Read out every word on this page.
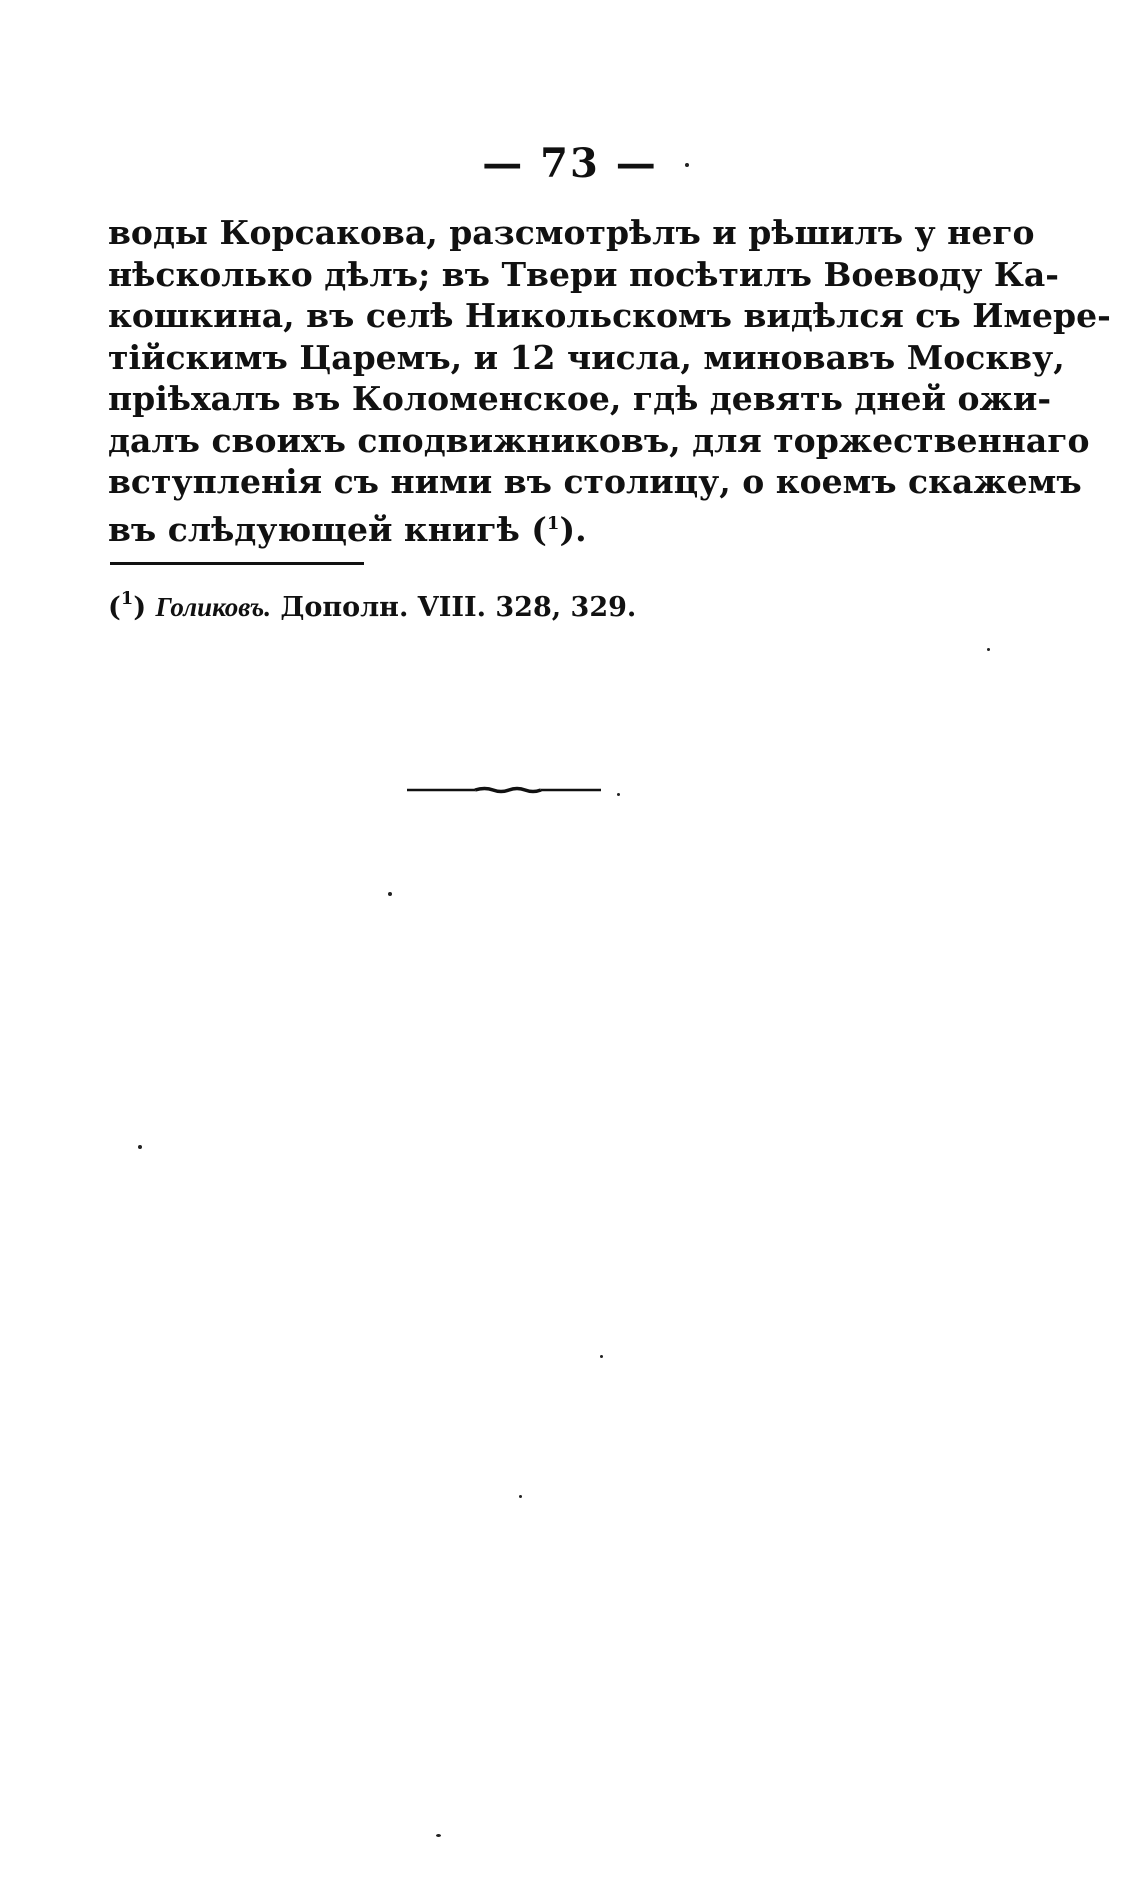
— 73 —
воды Корсакова, разсмотрѣлъ и рѣшилъ у него
нѣсколько дѣлъ; въ Твери посѣтилъ Воеводу Ка-
кошкина, въ селѣ Никольскомъ видѣлся съ Имере-
тійскимъ Царемъ, и 12 числа, миновавъ Москву,
пріѣхалъ въ Коломенское, гдѣ девять дней ожи-
далъ своихъ сподвижниковъ, для торжественнаго
вступленія съ ними въ столицу, о коемъ скажемъ
въ слѣдующей книгѣ ($^1$).
($^1$) Голиковъ. Дополн. VIII. 328, 329.
